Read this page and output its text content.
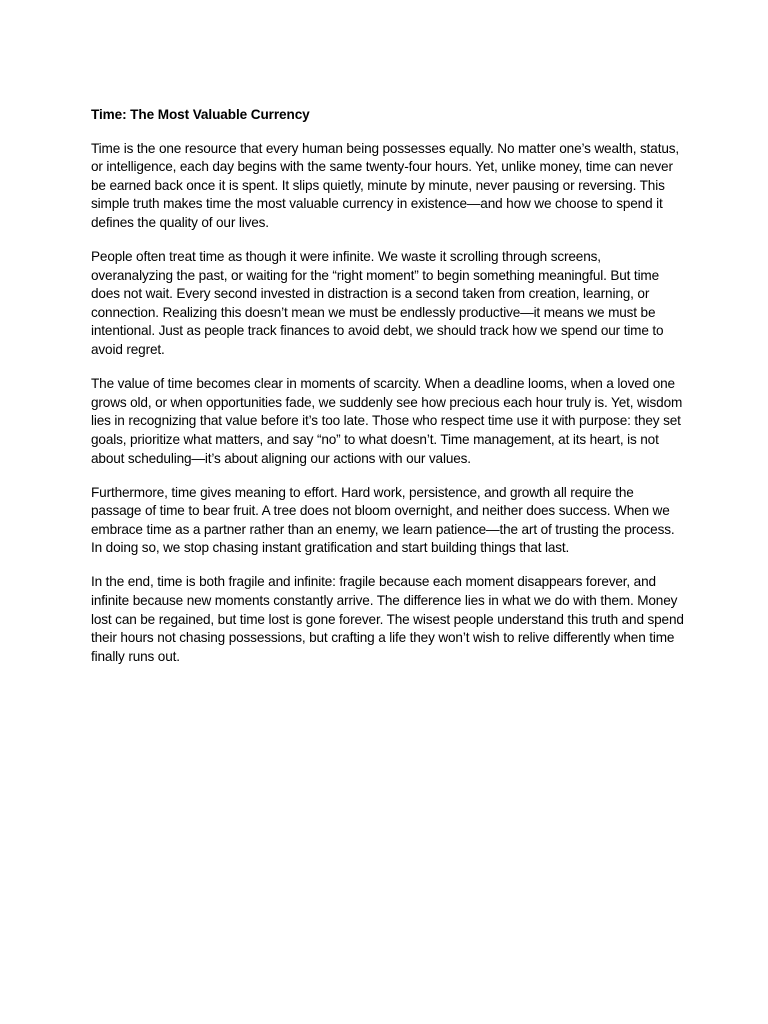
Time: The Most Valuable Currency

Time is the one resource that every human being possesses equally. No matter one’s wealth, status, or intelligence, each day begins with the same twenty-four hours. Yet, unlike money, time can never be earned back once it is spent. It slips quietly, minute by minute, never pausing or reversing. This simple truth makes time the most valuable currency in existence—and how we choose to spend it defines the quality of our lives.

People often treat time as though it were infinite. We waste it scrolling through screens, overanalyzing the past, or waiting for the “right moment” to begin something meaningful. But time does not wait. Every second invested in distraction is a second taken from creation, learning, or connection. Realizing this doesn’t mean we must be endlessly productive—it means we must be intentional. Just as people track finances to avoid debt, we should track how we spend our time to avoid regret.

The value of time becomes clear in moments of scarcity. When a deadline looms, when a loved one grows old, or when opportunities fade, we suddenly see how precious each hour truly is. Yet, wisdom lies in recognizing that value before it’s too late. Those who respect time use it with purpose: they set goals, prioritize what matters, and say “no” to what doesn’t. Time management, at its heart, is not about scheduling—it’s about aligning our actions with our values.

Furthermore, time gives meaning to effort. Hard work, persistence, and growth all require the passage of time to bear fruit. A tree does not bloom overnight, and neither does success. When we embrace time as a partner rather than an enemy, we learn patience—the art of trusting the process. In doing so, we stop chasing instant gratification and start building things that last.

In the end, time is both fragile and infinite: fragile because each moment disappears forever, and infinite because new moments constantly arrive. The difference lies in what we do with them. Money lost can be regained, but time lost is gone forever. The wisest people understand this truth and spend their hours not chasing possessions, but crafting a life they won’t wish to relive differently when time finally runs out.
